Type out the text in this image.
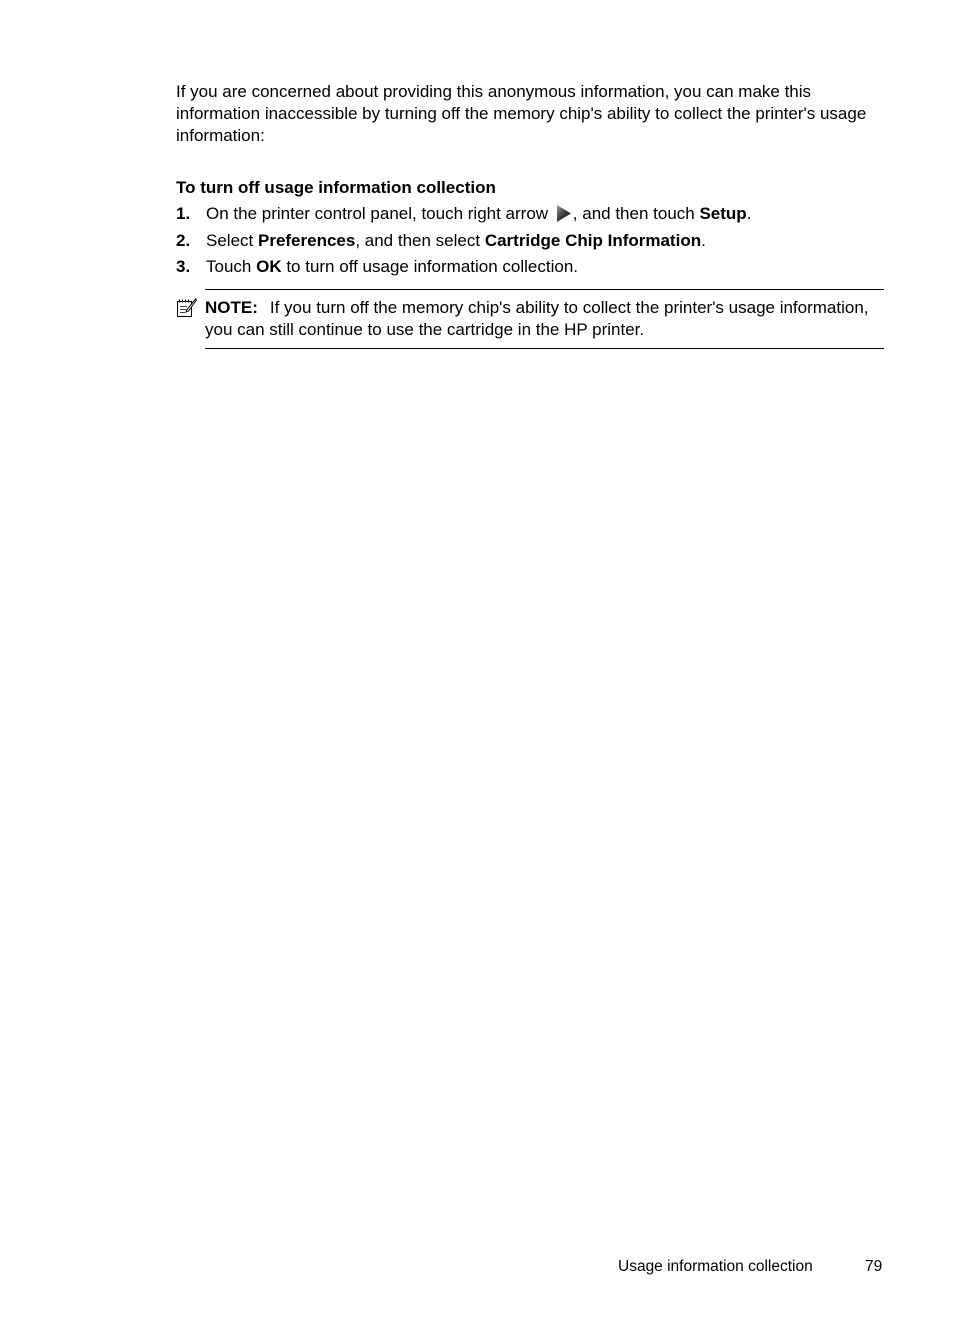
If you are concerned about providing this anonymous information, you can make this information inaccessible by turning off the memory chip's ability to collect the printer's usage information:

To turn off usage information collection

1. On the printer control panel, touch right arrow , and then touch Setup.
2. Select Preferences, and then select Cartridge Chip Information.
3. Touch OK to turn off usage information collection.

NOTE: If you turn off the memory chip's ability to collect the printer's usage information, you can still continue to use the cartridge in the HP printer.

Usage information collection	79
